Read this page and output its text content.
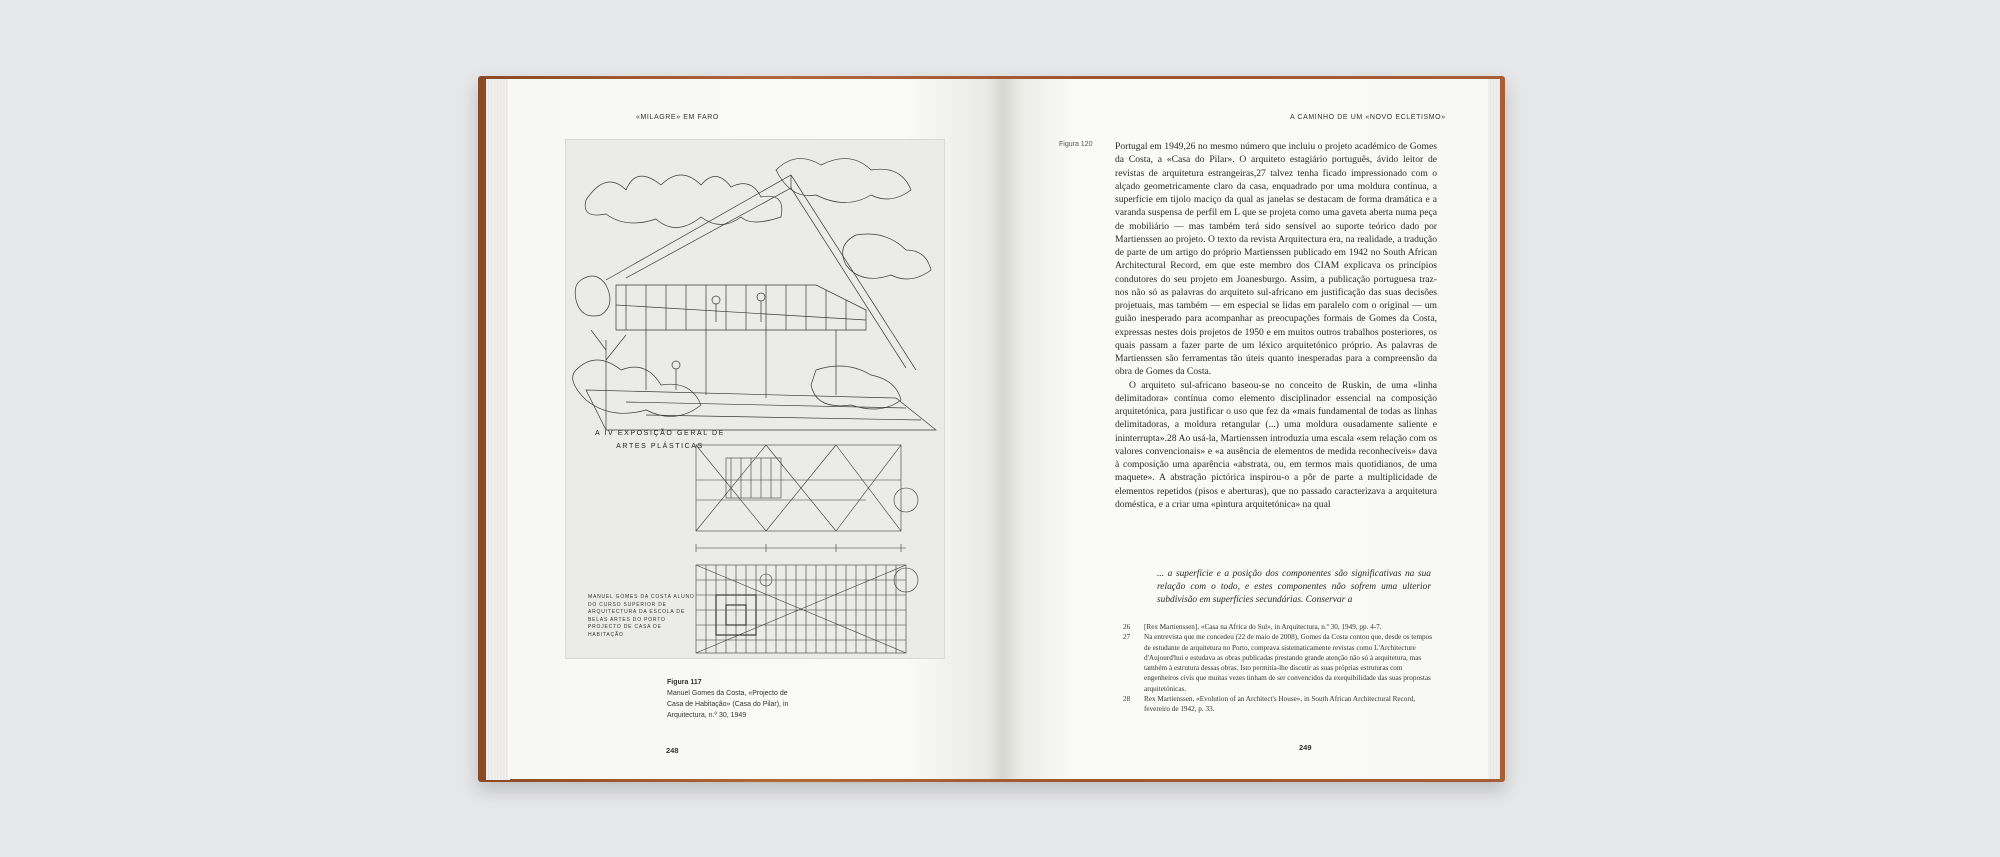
«MILAGRE» EM FARO
A IV EXPOSIÇÃO GERAL DE ARTES PLÁSTICAS
MANUEL GOMES DA COSTA ALUNO DO CURSO SUPERIOR DE ARQUITECTURA DA ESCOLA DE BELAS ARTES DO PORTO PROJECTO DE CASA DE HABITAÇÃO
Figura 117
Manuel Gomes da Costa, «Projecto de Casa de Habitação» (Casa do Pilar), in Arquitectura, n.º 30, 1949
248
A CAMINHO DE UM «NOVO ECLETISMO»
Figura 120 Portugal em 1949,26 no mesmo número que incluiu o projeto académico de Gomes da Costa, a «Casa do Pilar». O arquiteto estagiário português, ávido leitor de revistas de arquitetura estrangeiras,27 talvez tenha ficado impressionado com o alçado geometricamente claro da casa, enquadrado por uma moldura contínua, a superfície em tijolo maciço da qual as janelas se destacam de forma dramática e a varanda suspensa de perfil em L que se projeta como uma gaveta aberta numa peça de mobiliário — mas também terá sido sensível ao suporte teórico dado por Martienssen ao projeto. O texto da revista Arquitectura era, na realidade, a tradução de parte de um artigo do próprio Martienssen publicado em 1942 no South African Architectural Record, em que este membro dos CIAM explicava os princípios condutores do seu projeto em Joanesburgo. Assim, a publicação portuguesa traz-nos não só as palavras do arquiteto sul-africano em justificação das suas decisões projetuais, mas também — em especial se lidas em paralelo com o original — um guião inesperado para acompanhar as preocupações formais de Gomes da Costa, expressas nestes dois projetos de 1950 e em muitos outros trabalhos posteriores, os quais passam a fazer parte de um léxico arquitetónico próprio. As palavras de Martienssen são ferramentas tão úteis quanto inesperadas para a compreensão da obra de Gomes da Costa.

O arquiteto sul-africano baseou-se no conceito de Ruskin, de uma «linha delimitadora» contínua como elemento disciplinador essencial na composição arquitetónica, para justificar o uso que fez da «mais fundamental de todas as linhas delimitadoras, a moldura retangular (...) uma moldura ousadamente saliente e ininterrupta».28 Ao usá-la, Martienssen introduzia uma escala «sem relação com os valores convencionais» e «a ausência de elementos de medida reconhecíveis» dava à composição uma aparência «abstrata, ou, em termos mais quotidianos, de uma maquete». A abstração pictórica inspirou-o a pôr de parte a multiplicidade de elementos repetidos (pisos e aberturas), que no passado caracterizava a arquitetura doméstica, e a criar uma «pintura arquitetónica» na qual

... a superfície e a posição dos componentes são significativas na sua relação com o todo, e estes componentes não sofrem uma ulterior subdivisão em superfícies secundárias. Conservar a
26	[Rex Martienssen], «Casa na Africa do Sul», in Arquitectura, n.º 30, 1949, pp. 4-7.
27	Na entrevista que me concedeu (22 de maio de 2008), Gomes da Costa contou que, desde os tempos de estudante de arquitetura no Porto, comprava sistematicamente revistas como L'Architecture d'Aujourd'hui e estudava as obras publicadas prestando grande atenção não só à arquitetura, mas também à estrutura dessas obras. Isto permitia-lhe discutir as suas próprias estruturas com engenheiros civis que muitas vezes tinham de ser convencidos da exequibilidade das suas propostas arquitetónicas.
28	Rex Martienssen, «Evolution of an Architect's House», in South African Architectural Record, fevereiro de 1942, p. 33.
249
